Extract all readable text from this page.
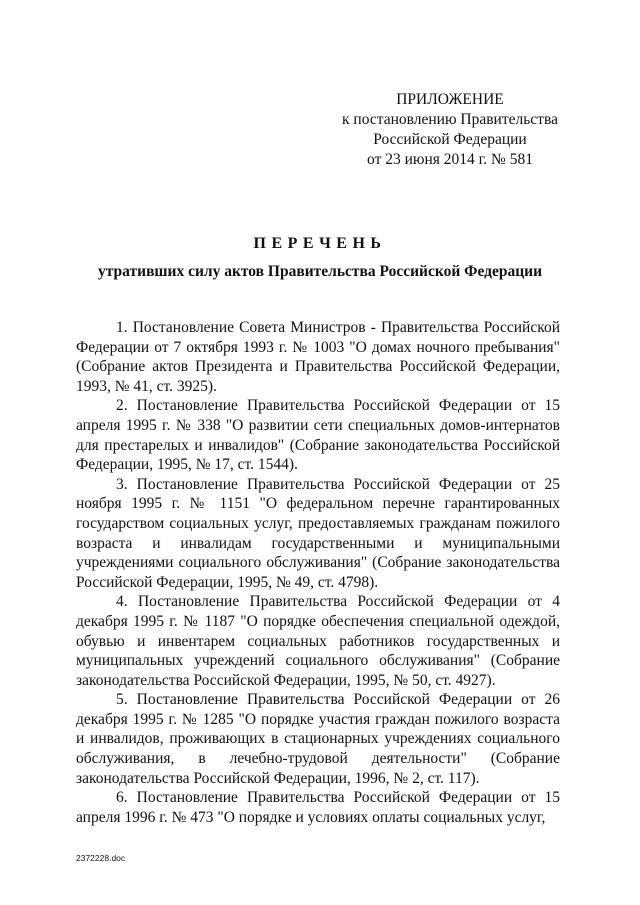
ПРИЛОЖЕНИЕ
к постановлению Правительства
Российской Федерации
от 23 июня 2014 г. № 581
ПЕРЕЧЕНЬ
утративших силу актов Правительства Российской Федерации

1. Постановление Совета Министров - Правительства Российской Федерации от 7 октября 1993 г. № 1003 "О домах ночного пребывания" (Собрание актов Президента и Правительства Российской Федерации, 1993, № 41, ст. 3925).

2. Постановление Правительства Российской Федерации от 15 апреля 1995 г. № 338 "О развитии сети специальных домов-интернатов для престарелых и инвалидов" (Собрание законодательства Российской Федерации, 1995, № 17, ст. 1544).

3. Постановление Правительства Российской Федерации от 25 ноября 1995 г. № 1151 "О федеральном перечне гарантированных государством социальных услуг, предоставляемых гражданам пожилого возраста и инвалидам государственными и муниципальными учреждениями социального обслуживания" (Собрание законодательства Российской Федерации, 1995, № 49, ст. 4798).

4. Постановление Правительства Российской Федерации от 4 декабря 1995 г. № 1187 "О порядке обеспечения специальной одеждой, обувью и инвентарем социальных работников государственных и муниципальных учреждений социального обслуживания" (Собрание законодательства Российской Федерации, 1995, № 50, ст. 4927).

5. Постановление Правительства Российской Федерации от 26 декабря 1995 г. № 1285 "О порядке участия граждан пожилого возраста и инвалидов, проживающих в стационарных учреждениях социального обслуживания, в лечебно-трудовой деятельности" (Собрание законодательства Российской Федерации, 1996, № 2, ст. 117).

6. Постановление Правительства Российской Федерации от 15 апреля 1996 г. № 473 "О порядке и условиях оплаты социальных услуг,

2372228.doc
